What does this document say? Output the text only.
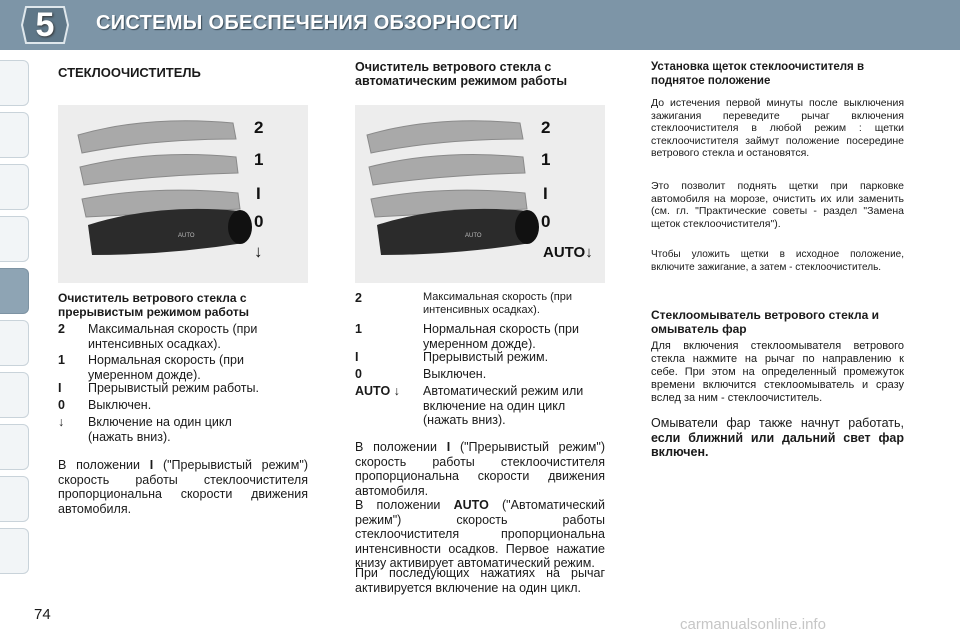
5	СИСТЕМЫ ОБЕСПЕЧЕНИЯ ОБЗОРНОСТИ
СТЕКЛООЧИСТИТЕЛЬ
AUTO
2
1
I
0
↓
Очиститель ветрового стекла с прерывистым режимом работы
2 Максимальная скорость (при интенсивных осадках).
1 Нормальная скорость (при умеренном дожде).
I Прерывистый режим работы.
0 Выключен.
↓ Включение на один цикл (нажать вниз).
В положении I ("Прерывистый режим") скорость работы стеклоочистителя пропорциональна скорости движения автомобиля.
Очиститель ветрового стекла с автоматическим режимом работы
AUTO
2
1
I
0
AUTO↓
2	Максимальная скорость (при интенсивных осадках).
1	Нормальная скорость (при умеренном дожде).
I	Прерывистый режим.
0	Выключен.
AUTO ↓ Автоматический режим или включение на один цикл (нажать вниз).
В положении I ("Прерывистый режим") скорость работы стеклоочистителя пропорциональна скорости движения автомобиля.
В положении AUTO ("Автоматический режим") скорость работы стеклоочистителя пропорциональна интенсивности осадков. Первое нажатие книзу активирует автоматический режим.
При последующих нажатиях на рычаг активируется включение на один цикл.
Установка щеток стеклоочистителя в поднятое положение
До истечения первой минуты после выключения зажигания переведите рычаг включения стеклоочистителя в любой режим : щетки стеклоочистителя займут положение посередине ветрового стекла и остановятся.
Это позволит поднять щетки при парковке автомобиля на морозе, очистить их или заменить (см. гл. "Практические советы - раздел "Замена щеток стеклоочистителя").
Чтобы уложить щетки в исходное положение, включите зажигание, а затем - стеклоочиститель.
Стеклоомыватель ветрового стекла и омыватель фар
Для включения стеклоомывателя ветрового стекла нажмите на рычаг по направлению к себе. При этом на определенный промежуток времени включится стеклоомыватель и сразу вслед за ним - стеклоочиститель.
Омыватели фар также начнут работать, если ближний или дальний свет фар включен.
74
carmanualsonline.info
